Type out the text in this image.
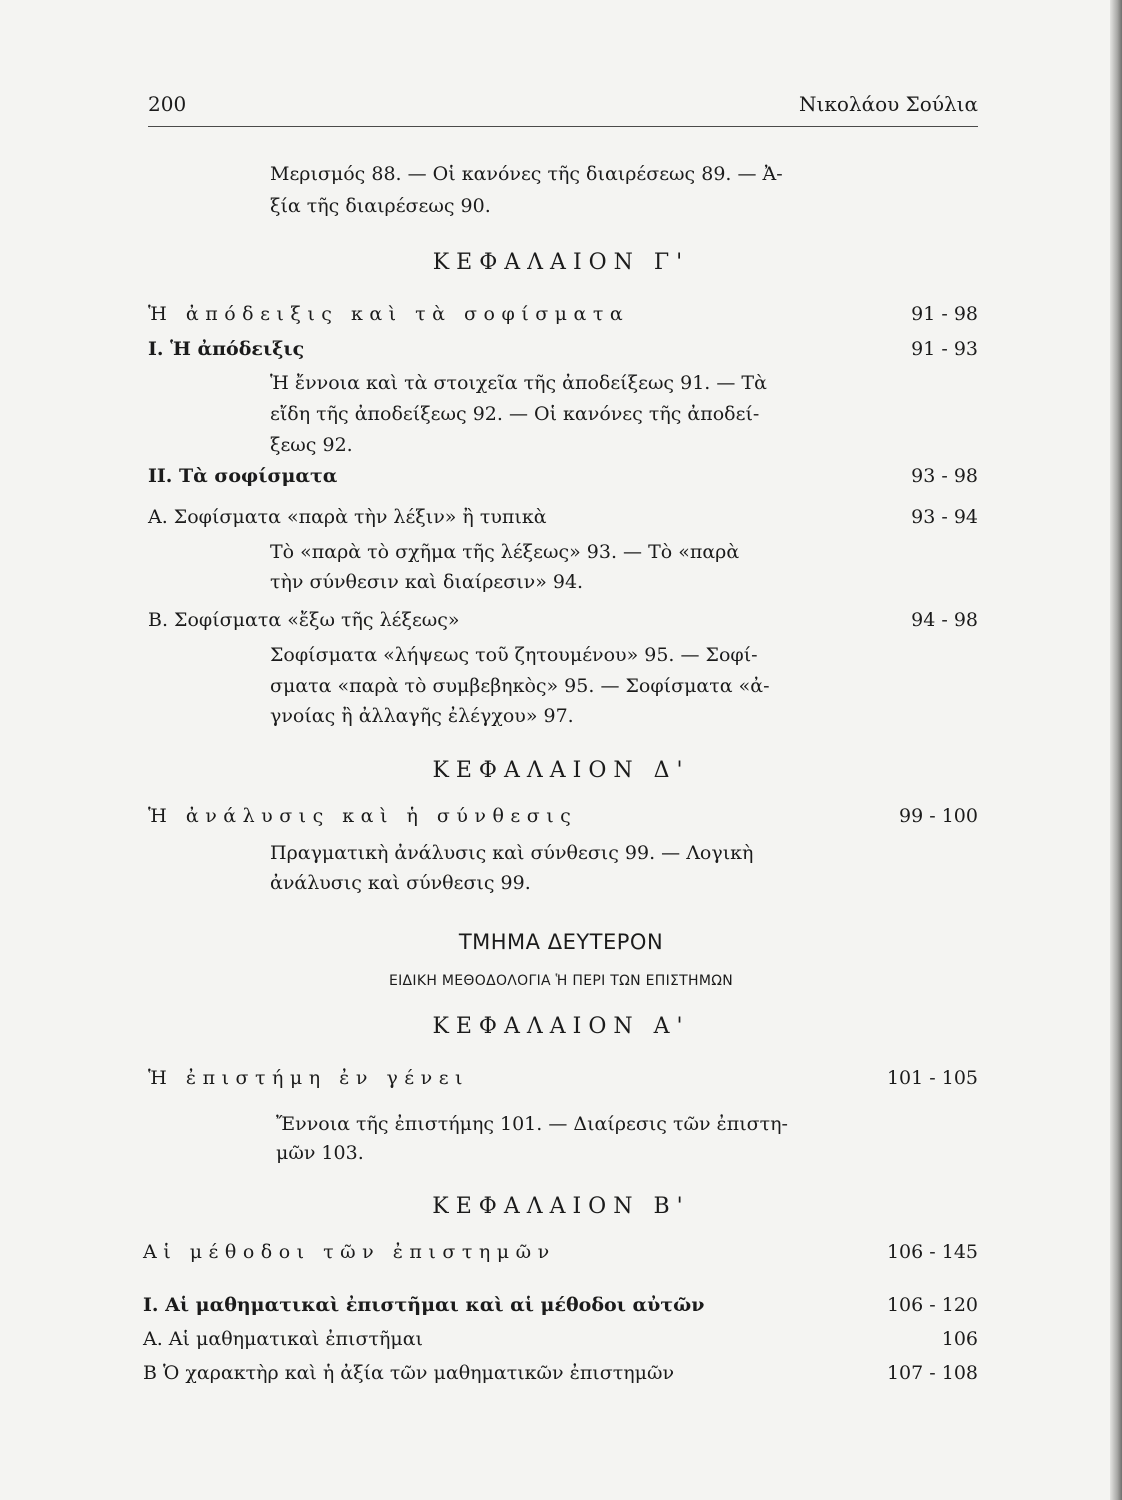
200	Νικολάου Σούλια
Μερισμός 88. — Οἱ κανόνες τῆς διαιρέσεως 89. — Ἀ-
ξία τῆς διαιρέσεως 90.
ΚΕΦΑΛΑΙΟΝ Γ'
Ἡ ἀπόδειξις καὶ τὰ σοφίσματα	91 - 98
I. Ἡ ἀπόδειξις	91 - 93
Ἡ ἔννοια καὶ τὰ στοιχεῖα τῆς ἀποδείξεως 91. — Τὰ
εἴδη τῆς ἀποδείξεως 92. — Οἱ κανόνες τῆς ἀποδεί-
ξεως 92.
II. Τὰ σοφίσματα	93 - 98
Α. Σοφίσματα «παρὰ τὴν λέξιν» ἢ τυπικὰ	93 - 94
Τὸ «παρὰ τὸ σχῆμα τῆς λέξεως» 93. — Τὸ «παρὰ
τὴν σύνθεσιν καὶ διαίρεσιν» 94.
Β. Σοφίσματα «ἔξω τῆς λέξεως»	94 - 98
Σοφίσματα «λήψεως τοῦ ζητουμένου» 95. — Σοφί-
σματα «παρὰ τὸ συμβεβηκὸς» 95. — Σοφίσματα «ἀ-
γνοίας ἢ ἀλλαγῆς ἐλέγχου» 97.
ΚΕΦΑΛΑΙΟΝ Δ'
Ἡ ἀνάλυσις καὶ ἡ σύνθεσις	99 - 100
Πραγματικὴ ἀνάλυσις καὶ σύνθεσις 99. — Λογικὴ
ἀνάλυσις καὶ σύνθεσις 99.
ΤΜΗΜΑ ΔΕΥΤΕΡΟΝ
ΕΙΔΙΚΗ ΜΕΘΟΔΟΛΟΓΙΑ Ἡ ΠΕΡΙ ΤΩΝ ΕΠΙΣΤΗΜΩΝ
ΚΕΦΑΛΑΙΟΝ Α'
Ἡ ἐπιστήμη ἐν γένει	101 - 105
Ἔννοια τῆς ἐπιστήμης 101. — Διαίρεσις τῶν ἐπιστη-
μῶν 103.
ΚΕΦΑΛΑΙΟΝ Β'
Αἱ μέθοδοι τῶν ἐπιστημῶν	106 - 145
I. Αἱ μαθηματικαὶ ἐπιστῆμαι καὶ αἱ μέθοδοι αὐτῶν	106 - 120
Α. Αἱ μαθηματικαὶ ἐπιστῆμαι	106
Β Ὁ χαρακτὴρ καὶ ἡ ἀξία τῶν μαθηματικῶν ἐπιστημῶν	107 - 108
